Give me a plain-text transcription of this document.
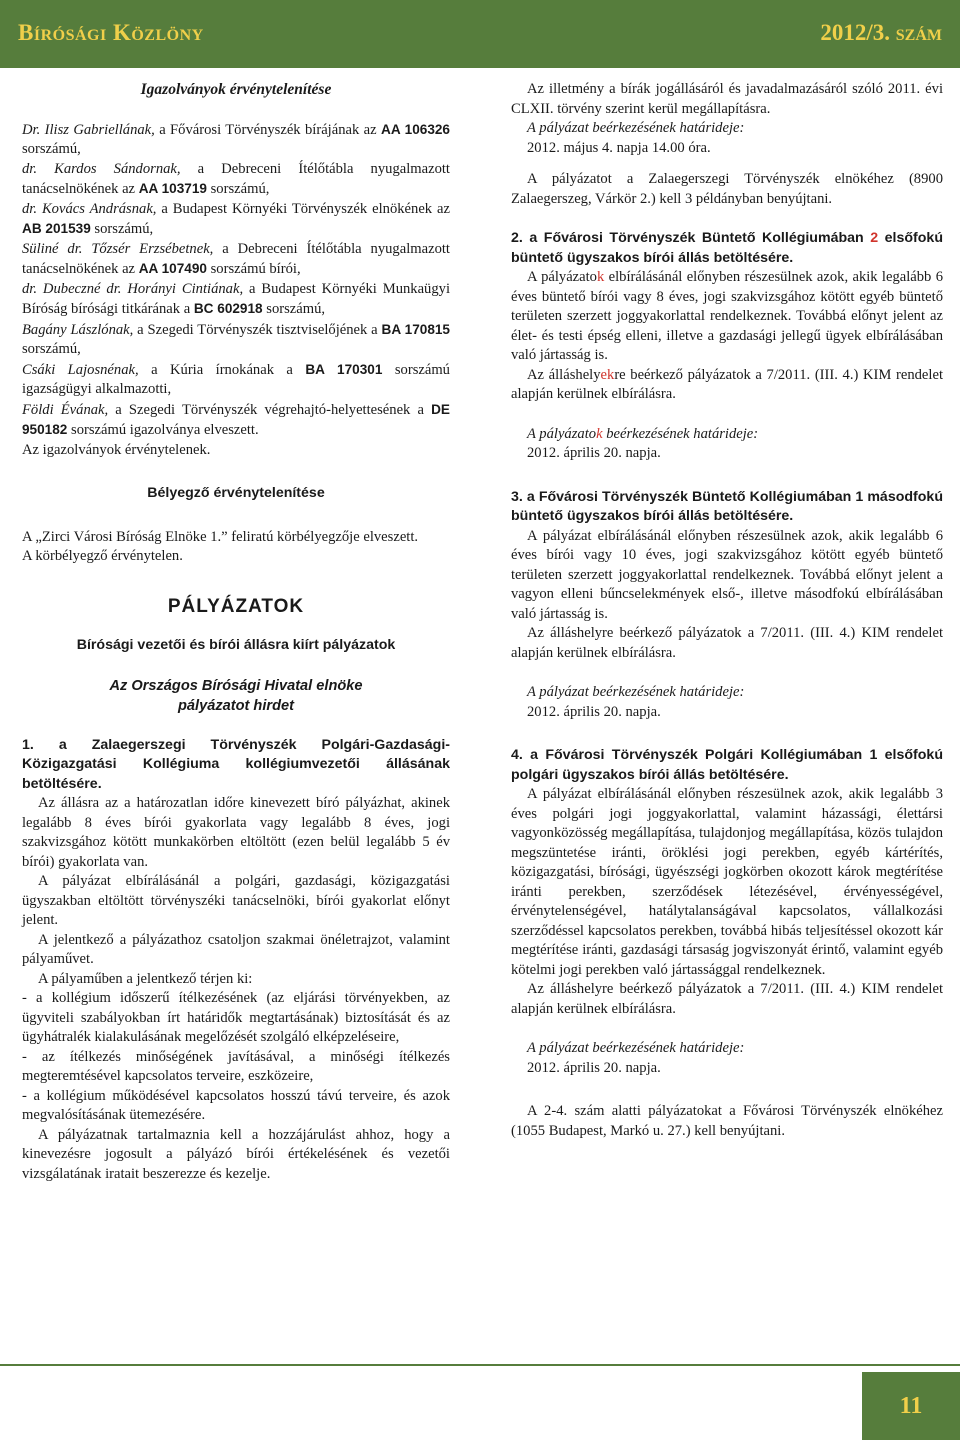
Bírósági Közlöny	2012/3. szám

Igazolványok érvénytelenítése

Dr. Ilisz Gabriellának, a Fővárosi Törvényszék bírájának az AA 106326 sorszámú,

dr. Kardos Sándornak, a Debreceni Ítélőtábla nyugalmazott tanácselnökének az AA 103719 sorszámú,

dr. Kovács Andrásnak, a Budapest Környéki Törvényszék elnökének az AB 201539 sorszámú,

Süliné dr. Tőzsér Erzsébetnek, a Debreceni Ítélőtábla nyugalmazott tanácselnökének az AA 107490 sorszámú bírói,

dr. Dubeczné dr. Horányi Cintiának, a Budapest Környéki Munkaügyi Bíróság bírósági titkárának a BC 602918 sorszámú,

Bagány Lászlónak, a Szegedi Törvényszék tisztviselőjének a BA 170815 sorszámú,

Csáki Lajosnénak, a Kúria írnokának a BA 170301 sorszámú igazságügyi alkalmazotti,

Földi Évának, a Szegedi Törvényszék végrehajtó-helyettesének a DE 950182 sorszámú igazolványa elveszett.

Az igazolványok érvénytelenek.

Bélyegző érvénytelenítése

A „Zirci Városi Bíróság Elnöke 1.” feliratú körbélyegzője elveszett.

A körbélyegző érvénytelen.

PÁLYÁZATOK

Bírósági vezetői és bírói állásra kiírt pályázatok

Az Országos Bírósági Hivatal elnöke

pályázatot hirdet

1. a Zalaegerszegi Törvényszék Polgári-Gazdasági-Közigazgatási Kollégiuma kollégiumvezetői állásának betöltésére.

Az állásra az a határozatlan időre kinevezett bíró pályázhat, akinek legalább 8 éves bírói gyakorlata vagy legalább 8 éves, jogi szakvizsgához kötött munkakörben eltöltött (ezen belül legalább 5 év bírói) gyakorlata van.

A pályázat elbírálásánál a polgári, gazdasági, közigazgatási ügyszakban eltöltött törvényszéki tanácselnöki, bírói gyakorlat előnyt jelent.

A jelentkező a pályázathoz csatoljon szakmai önéletrajzot, valamint pályaművet.

A pályaműben a jelentkező térjen ki:

- a kollégium időszerű ítélkezésének (az eljárási törvényekben, az ügyviteli szabályokban írt határidők megtartásának) biztosítását és az ügyhátralék kialakulásának megelőzését szolgáló elképzeléseire,

- az ítélkezés minőségének javításával, a minőségi ítélkezés megteremtésével kapcsolatos terveire, eszközeire,

- a kollégium működésével kapcsolatos hosszú távú terveire, és azok megvalósításának ütemezésére.

A pályázatnak tartalmaznia kell a hozzájárulást ahhoz, hogy a kinevezésre jogosult a pályázó bírói értékelésének és vezetői vizsgálatának iratait beszerezze és kezelje.

Az illetmény a bírák jogállásáról és javadalmazásáról szóló 2011. évi CLXII. törvény szerint kerül megállapításra.

A pályázat beérkezésének határideje:

2012. május 4. napja 14.00 óra.

A pályázatot a Zalaegerszegi Törvényszék elnökéhez (8900 Zalaegerszeg, Várkör 2.) kell 3 példányban benyújtani.

2. a Fővárosi Törvényszék Büntető Kollégiumában 2 elsőfokú büntető ügyszakos bírói állás betöltésére.

A pályázatok elbírálásánál előnyben részesülnek azok, akik legalább 6 éves büntető bírói vagy 8 éves, jogi szakvizsgához kötött egyéb büntető területen szerzett joggyakorlattal rendelkeznek. Továbbá előnyt jelent az élet- és testi épség elleni, illetve a gazdasági jellegű ügyek elbírálásában való jártasság is.

Az álláshelyekre beérkező pályázatok a 7/2011. (III. 4.) KIM rendelet alapján kerülnek elbírálásra.

A pályázatok beérkezésének határideje:

2012. április 20. napja.

3. a Fővárosi Törvényszék Büntető Kollégiumában 1 másodfokú büntető ügyszakos bírói állás betöltésére.

A pályázat elbírálásánál előnyben részesülnek azok, akik legalább 6 éves bírói vagy 10 éves, jogi szakvizsgához kötött egyéb büntető területen szerzett joggyakorlattal rendelkeznek. Továbbá előnyt jelent a vagyon elleni bűncselekmények első-, illetve másodfokú elbírálásában való jártasság is.

Az álláshelyre beérkező pályázatok a 7/2011. (III. 4.) KIM rendelet alapján kerülnek elbírálásra.

A pályázat beérkezésének határideje:

2012. április 20. napja.

4. a Fővárosi Törvényszék Polgári Kollégiumában 1 elsőfokú polgári ügyszakos bírói állás betöltésére.

A pályázat elbírálásánál előnyben részesülnek azok, akik legalább 3 éves polgári jogi joggyakorlattal, valamint házassági, élettársi vagyonközösség megállapítása, tulajdonjog megállapítása, közös tulajdon megszüntetése iránti, öröklési jogi perekben, egyéb kártérítés, közigazgatási, bírósági, ügyészségi jogkörben okozott károk megtérítése iránti perekben, szerződések létezésével, érvényességével, érvénytelenségével, hatálytalanságával kapcsolatos, vállalkozási szerződéssel kapcsolatos perekben, továbbá hibás teljesítéssel okozott kár megtérítése iránti, gazdasági társaság jogviszonyát érintő, valamint egyéb kötelmi jogi perekben való jártassággal rendelkeznek.

Az álláshelyre beérkező pályázatok a 7/2011. (III. 4.) KIM rendelet alapján kerülnek elbírálásra.

A pályázat beérkezésének határideje:

2012. április 20. napja.

A 2-4. szám alatti pályázatokat a Fővárosi Törvényszék elnökéhez (1055 Budapest, Markó u. 27.) kell benyújtani.

11
